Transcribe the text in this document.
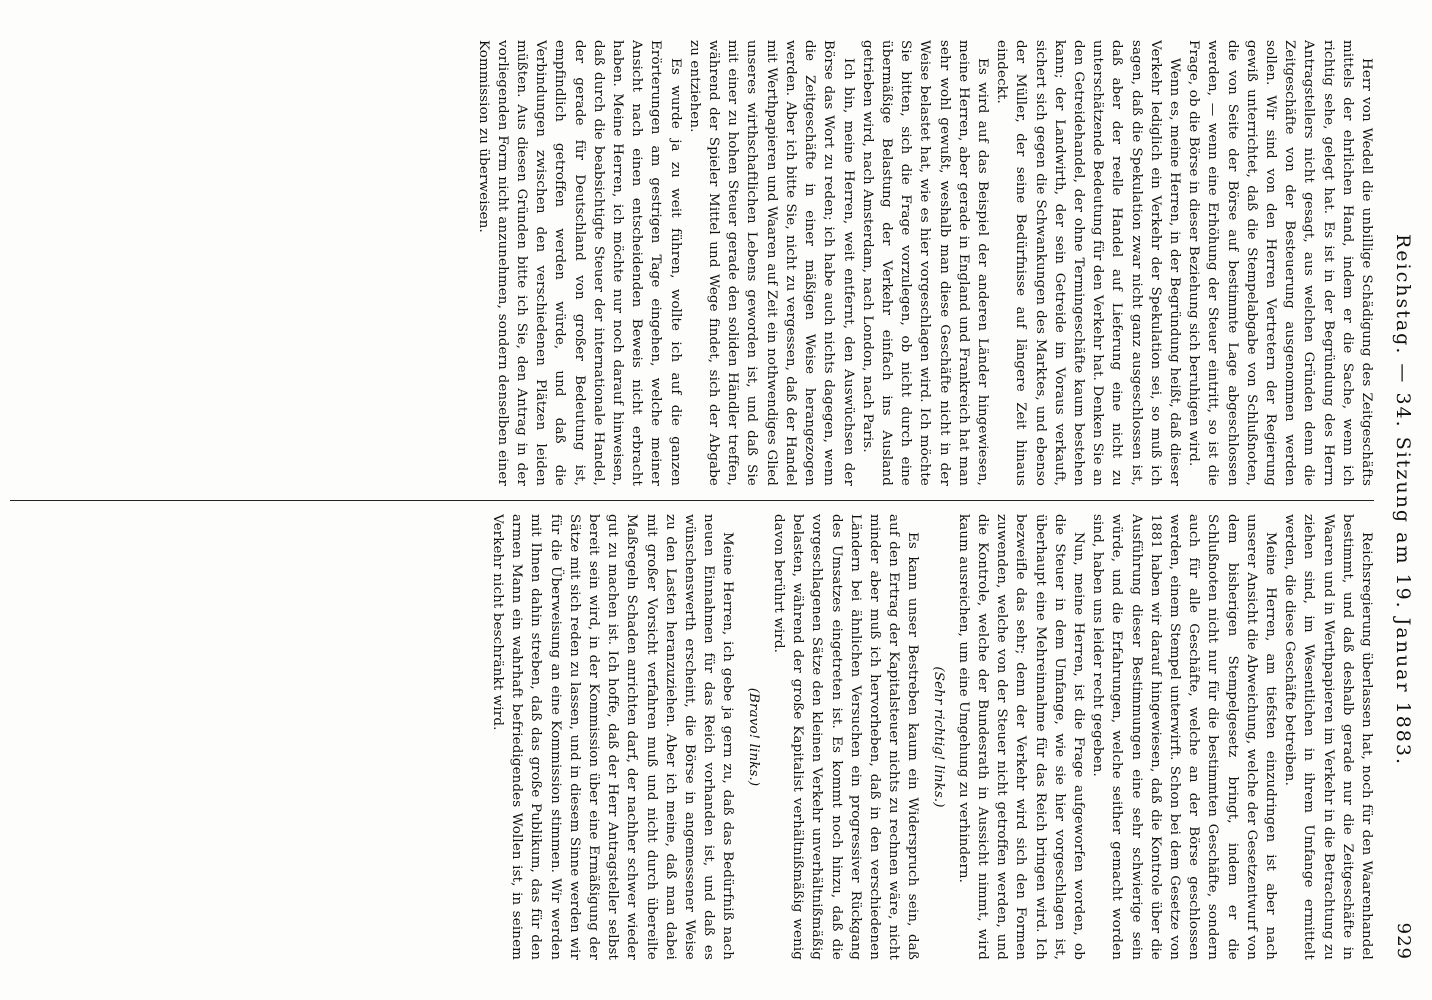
Reichstag. — 34. Sitzung am 19. Januar 1883.
929

Herr von Wedell die unbillige Schädigung des Zeitgeschäfts mittels der ehrlichen Hand, indem er die Sache, wenn ich richtig sehe, gelegt hat. Es ist in der Begründung des Herrn Antragstellers nicht gesagt, aus welchen Gründen denn die Zeitgeschäfte von der Besteuerung ausgenommen werden sollen. Wir sind von den Herren Vertretern der Regierung gewiß unterrichtet, daß die Stempelabgabe von Schlußnoten, die von Seite der Börse auf bestimmte Lage abgeschlossen werden, — wenn eine Erhöhung der Steuer eintritt, so ist die Frage, ob die Börse in dieser Beziehung sich beruhigen wird.

Wenn es, meine Herren, in der Begründung heißt, daß dieser Verkehr lediglich ein Verkehr der Spekulation sei, so muß ich sagen, daß die Spekulation zwar nicht ganz ausgeschlossen ist, daß aber der reelle Handel auf Lieferung eine nicht zu unterschätzende Bedeutung für den Verkehr hat. Denken Sie an den Getreidehandel, der ohne Termingeschäfte kaum bestehen kann; der Landwirth, der sein Getreide im Voraus verkauft, sichert sich gegen die Schwankungen des Marktes, und ebenso der Müller, der seine Bedürfnisse auf längere Zeit hinaus eindeckt.

Es wird auf das Beispiel der anderen Länder hingewiesen, meine Herren, aber gerade in England und Frankreich hat man sehr wohl gewußt, weshalb man diese Geschäfte nicht in der Weise belastet hat, wie es hier vorgeschlagen wird. Ich möchte Sie bitten, sich die Frage vorzulegen, ob nicht durch eine übermäßige Belastung der Verkehr einfach ins Ausland getrieben wird, nach Amsterdam, nach London, nach Paris.

Ich bin, meine Herren, weit entfernt, den Auswüchsen der Börse das Wort zu reden; ich habe auch nichts dagegen, wenn die Zeitgeschäfte in einer mäßigen Weise herangezogen werden. Aber ich bitte Sie, nicht zu vergessen, daß der Handel mit Werthpapieren und Waaren auf Zeit ein nothwendiges Glied unseres wirthschaftlichen Lebens geworden ist, und daß Sie mit einer zu hohen Steuer gerade den soliden Händler treffen, während der Spieler Mittel und Wege findet, sich der Abgabe zu entziehen.

Es wurde ja zu weit führen, wollte ich auf die ganzen Erörterungen am gestrigen Tage eingehen, welche meiner Ansicht nach einen entscheidenden Beweis nicht erbracht haben. Meine Herren, ich möchte nur noch darauf hinweisen, daß durch die beabsichtigte Steuer der internationale Handel, der gerade für Deutschland von großer Bedeutung ist, empfindlich getroffen werden würde, und daß die Verbindungen zwischen den verschiedenen Plätzen leiden müßten. Aus diesen Gründen bitte ich Sie, den Antrag in der vorliegenden Form nicht anzunehmen, sondern denselben einer Kommission zu überweisen.

Reichsregierung überlassen hat, noch für den Waarenhandel bestimmt, und daß deshalb gerade nur die Zeitgeschäfte in Waaren und in Werthpapieren im Verkehr in die Betrachtung zu ziehen sind, im Wesentlichen in ihrem Umfange ermittelt werden, die diese Geschäfte betreiben.

Meine Herren, am tiefsten einzudringen ist aber nach unserer Ansicht die Abweichung, welche der Gesetzentwurf von dem bisherigen Stempelgesetz bringt, indem er die Schlußnoten nicht nur für die bestimmten Geschäfte, sondern auch für alle Geschäfte, welche an der Börse geschlossen werden, einem Stempel unterwirft. Schon bei dem Gesetze von 1881 haben wir darauf hingewiesen, daß die Kontrole über die Ausführung dieser Bestimmungen eine sehr schwierige sein würde, und die Erfahrungen, welche seither gemacht worden sind, haben uns leider recht gegeben.

Nun, meine Herren, ist die Frage aufgeworfen worden, ob die Steuer in dem Umfange, wie sie hier vorgeschlagen ist, überhaupt eine Mehreinnahme für das Reich bringen wird. Ich bezweifle das sehr; denn der Verkehr wird sich den Formen zuwenden, welche von der Steuer nicht getroffen werden, und die Kontrole, welche der Bundesrath in Aussicht nimmt, wird kaum ausreichen, um eine Umgehung zu verhindern.

(Sehr richtig! links.)

Es kann unser Bestreben kaum ein Widerspruch sein, daß auf den Ertrag der Kapitalsteuer nichts zu rechnen wäre, nicht minder aber muß ich hervorheben, daß in den verschiedenen Ländern bei ähnlichen Versuchen ein progressiver Rückgang des Umsatzes eingetreten ist. Es kommt noch hinzu, daß die vorgeschlagenen Sätze den kleinen Verkehr unverhältnißmäßig belasten, während der große Kapitalist verhältnißmäßig wenig davon berührt wird.

(Bravo! links.)

Meine Herren, ich gebe ja gern zu, daß das Bedürfniß nach neuen Einnahmen für das Reich vorhanden ist, und daß es wünschenswerth erscheint, die Börse in angemessener Weise zu den Lasten heranzuziehen. Aber ich meine, daß man dabei mit großer Vorsicht verfahren muß und nicht durch übereilte Maßregeln Schaden anrichten darf, der nachher schwer wieder gut zu machen ist. Ich hoffe, daß der Herr Antragsteller selbst bereit sein wird, in der Kommission über eine Ermäßigung der Sätze mit sich reden zu lassen, und in diesem Sinne werden wir für die Überweisung an eine Kommission stimmen. Wir werden mit Ihnen dahin streben, daß das große Publikum, das für den armen Mann ein wahrhaft befriedigendes Wollen ist, in seinem Verkehr nicht beschränkt wird.
